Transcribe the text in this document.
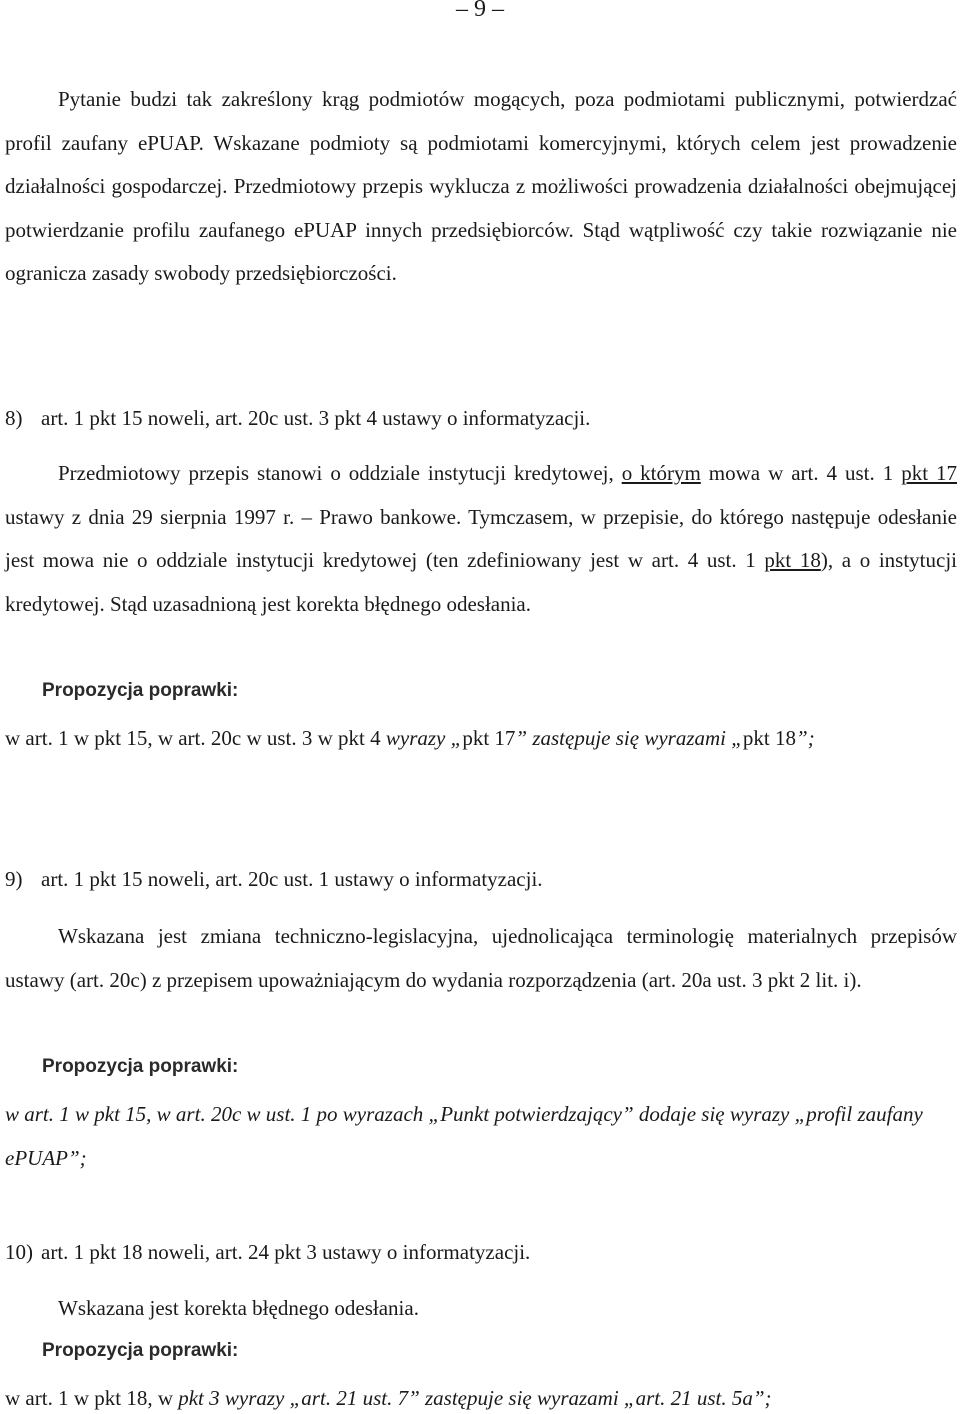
– 9 –

Pytanie budzi tak zakreślony krąg podmiotów mogących, poza podmiotami publicznymi, potwierdzać profil zaufany ePUAP. Wskazane podmioty są podmiotami komercyjnymi, których celem jest prowadzenie działalności gospodarczej. Przedmiotowy przepis wyklucza z możliwości prowadzenia działalności obejmującej potwierdzanie profilu zaufanego ePUAP innych przedsiębiorców. Stąd wątpliwość czy takie rozwiązanie nie ogranicza zasady swobody przedsiębiorczości.

8) art. 1 pkt 15 noweli, art. 20c ust. 3 pkt 4 ustawy o informatyzacji.

Przedmiotowy przepis stanowi o oddziale instytucji kredytowej, o którym mowa w art. 4 ust. 1 pkt 17 ustawy z dnia 29 sierpnia 1997 r. – Prawo bankowe. Tymczasem, w przepisie, do którego następuje odesłanie jest mowa nie o oddziale instytucji kredytowej (ten zdefiniowany jest w art. 4 ust. 1 pkt 18), a o instytucji kredytowej. Stąd uzasadnioną jest korekta błędnego odesłania.

Propozycja poprawki:

w art. 1 w pkt 15, w art. 20c w ust. 3 w pkt 4 wyrazy „pkt 17” zastępuje się wyrazami „pkt 18”;

9) art. 1 pkt 15 noweli, art. 20c ust. 1 ustawy o informatyzacji.

Wskazana jest zmiana techniczno-legislacyjna, ujednolicająca terminologię materialnych przepisów ustawy (art. 20c) z przepisem upoważniającym do wydania rozporządzenia (art. 20a ust. 3 pkt 2 lit. i).

Propozycja poprawki:

w art. 1 w pkt 15, w art. 20c w ust. 1 po wyrazach „Punkt potwierdzający” dodaje się wyrazy „profil zaufany ePUAP”;

10) art. 1 pkt 18 noweli, art. 24 pkt 3 ustawy o informatyzacji.

Wskazana jest korekta błędnego odesłania.

Propozycja poprawki:

w art. 1 w pkt 18, w pkt 3 wyrazy „art. 21 ust. 7” zastępuje się wyrazami „art. 21 ust. 5a”;
